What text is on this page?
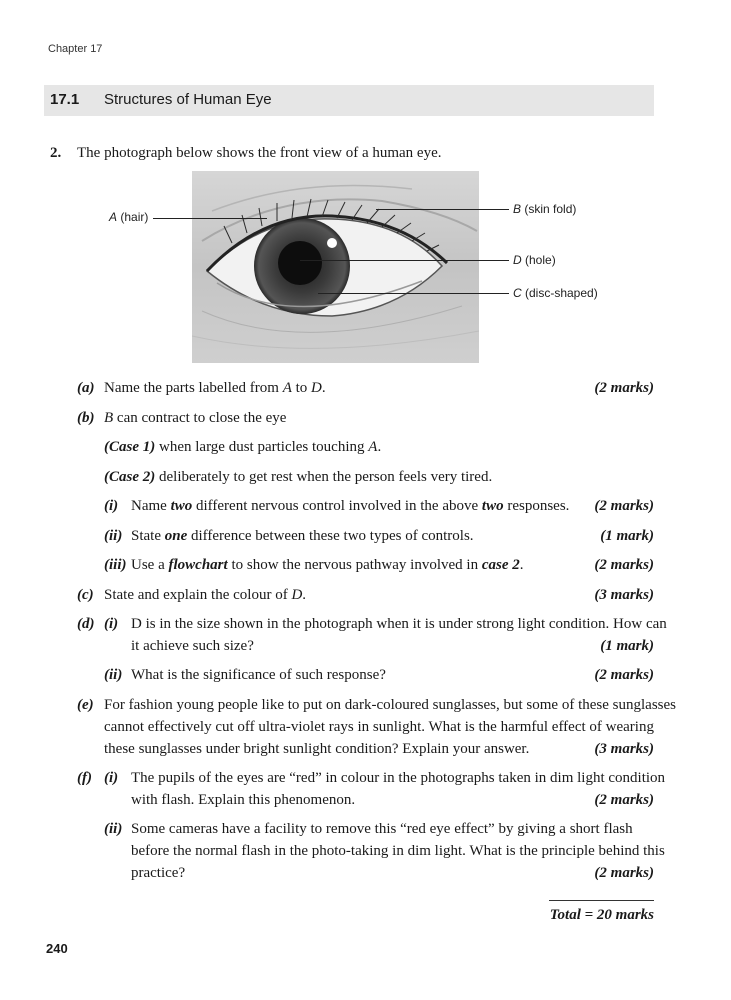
Chapter 17
17.1 Structures of Human Eye
2. The photograph below shows the front view of a human eye.
A (hair)
B (skin fold)
D (hole)
C (disc-shaped)
(a) Name the parts labelled from A to D.	(2 marks)
(b) B can contract to close the eye
(Case 1) when large dust particles touching A.
(Case 2) deliberately to get rest when the person feels very tired.
(i) Name two different nervous control involved in the above two responses. (2 marks)
(ii) State one difference between these two types of controls.	(1 mark)
(iii) Use a flowchart to show the nervous pathway involved in case 2.	(2 marks)
(c) State and explain the colour of D.	(3 marks)
(d) (i) D is in the size shown in the photograph when it is under strong light condition. How can
it achieve such size?	(1 mark)
(ii) What is the significance of such response?	(2 marks)
(e) For fashion young people like to put on dark-coloured sunglasses, but some of these sunglasses
cannot effectively cut off ultra-violet rays in sunlight. What is the harmful effect of wearing
these sunglasses under bright sunlight condition? Explain your answer.	(3 marks)
(f) (i) The pupils of the eyes are “red” in colour in the photographs taken in dim light condition
with flash. Explain this phenomenon.	(2 marks)
(ii) Some cameras have a facility to remove this “red eye effect” by giving a short flash
before the normal flash in the photo-taking in dim light. What is the principle behind this
practice?	(2 marks)
Total = 20 marks
240
